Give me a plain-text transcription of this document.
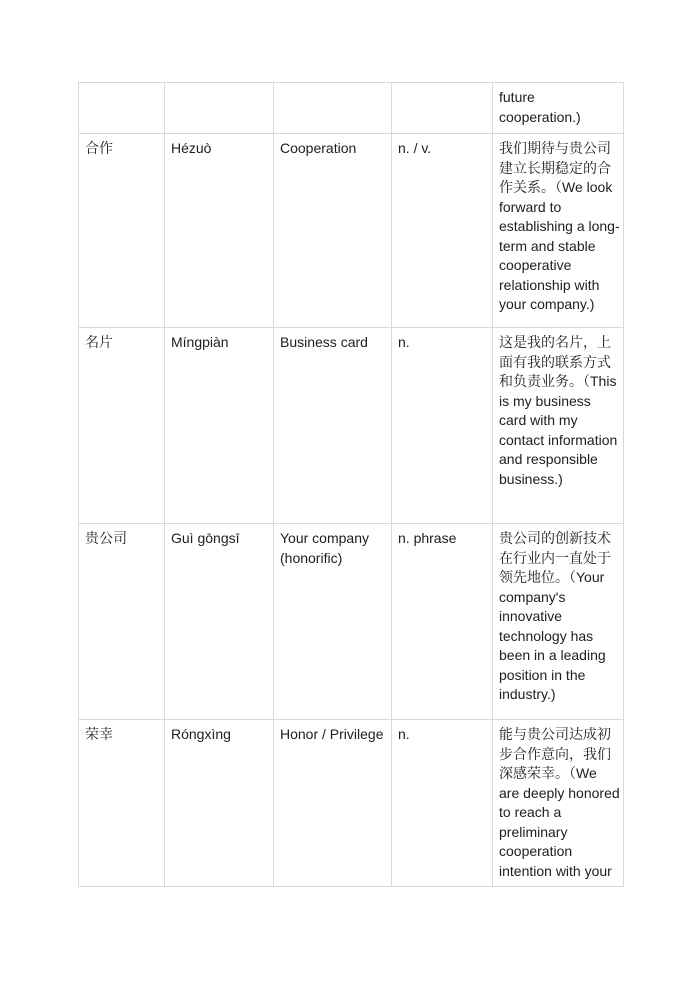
				future cooperation.)

合作	Hézuò	Cooperation	n. / v.	我们期待与贵公司建立长期稳定的合作关系。（We look forward to establishing a long-term and stable cooperative relationship with your company.)

名片	Míngpiàn	Business card	n.	这是我的名片，上面有我的联系方式和负责业务。（This is my business card with my contact information and responsible business.)

贵公司	Guì gōngsī	Your company (honorific)	n. phrase	贵公司的创新技术在行业内一直处于领先地位。（Your company's innovative technology has been in a leading position in the industry.)

荣幸	Róngxìng	Honor / Privilege	n.	能与贵公司达成初步合作意向，我们深感荣幸。（We are deeply honored to reach a preliminary cooperation intention with your
